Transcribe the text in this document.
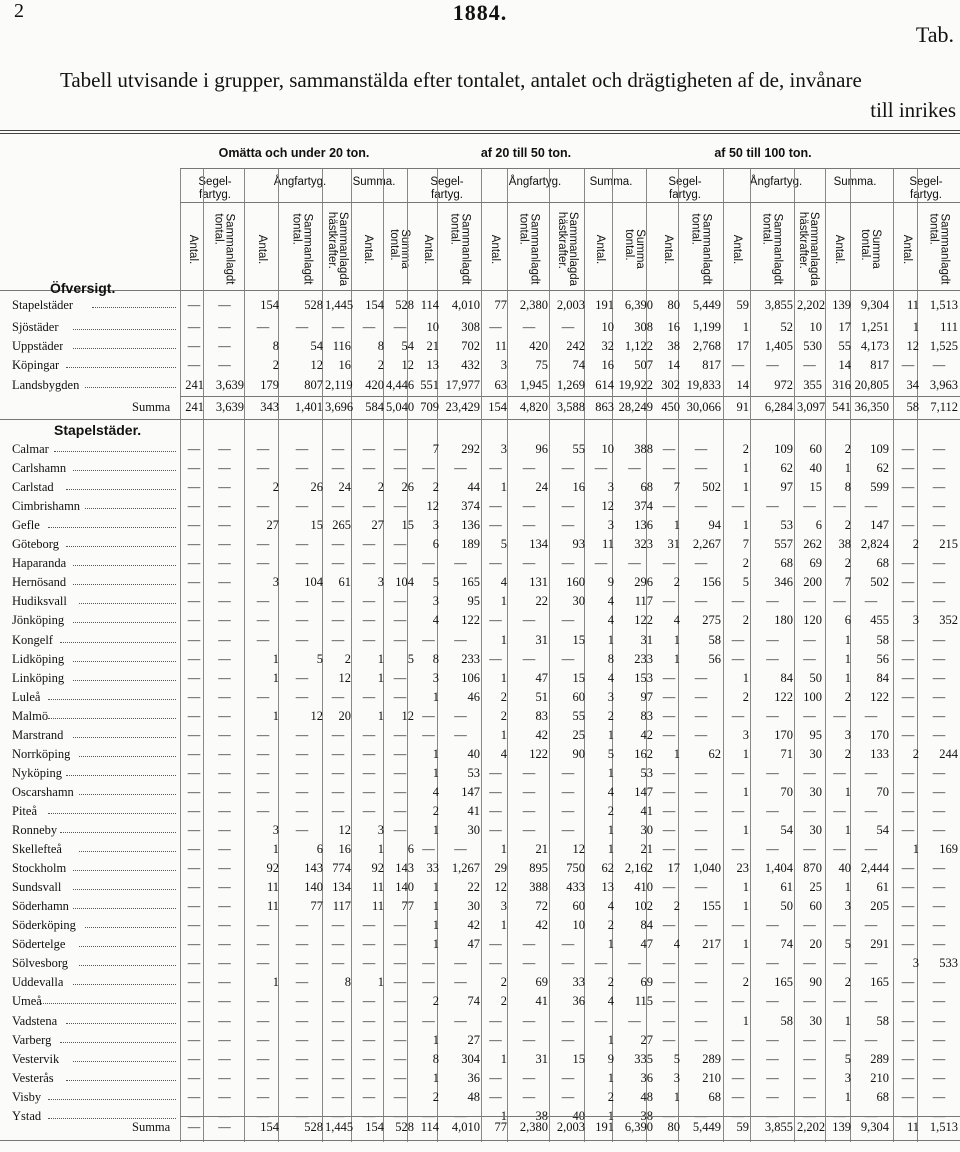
2	1884.
Tab.
Tabell utvisande i grupper, sammanstälda efter tontalet, antalet och drägtigheten af de, invånare
till inrikes
Omätta och under 20 ton.	af 20 till 50 ton.	af 50 till 100 ton.
Segel-
fartyg.
Ångfartyg.	Summa.	Segel-
fartyg.
Ångfartyg.	Summa.	Segel-
fartyg.
Ångfartyg.	Summa.	Segel-
fartyg.
Antal.	Sammanlagdt
tontal.
Antal.	Sammanlagdt
tontal.	Sammanlagda
hästkrafter.	Antal.	Summa
tontal.	Antal.	Sammanlagdt
tontal.
Antal.	Sammanlagdt
tontal.	Sammanlagda
hästkrafter.	Antal.	Summa
tontal.	Antal.	Sammanlagdt
tontal.
Antal.	Sammanlagdt
tontal.	Sammanlagda
hästkrafter.	Antal.	Summa
tontal.	Antal.	Sammanlagdt
tontal.
Stapelstäder	—	—	154	528 1,445 154 528 114	4,010	77	2,380 2,003 191 6,390	80	5,449	59	3,855 2,202 139 9,304	11 1,513
Sjöstäder	—	—	—	—	—	—	—	10	308 —	—	—	10	308	16	1,199	1	52	10	17 1,251	1	111
Uppstäder	—	—	8	54 116	8	54	21	702	11	420	242	32 1,122	38	2,768	17	1,405 530	55 4,173	12 1,525
Köpingar	—	—	2	12	16	2	12	13	432	3	75	74	16	507	14	817 —	—	—	14	817	—	—
Landsbygden	241 3,639	179	807 2,119	420 4,446 551 17,977	63	1,945 1,269 614 19,922 302 19,833	14	972 355 316 20,805	34 3,963
Summa 241 3,639	343	1,401 3,696 584 5,040 709 23,429 154	4,820 3,588 863 28,249 450 30,066	91	6,284 3,097 541 36,350	58 7,112
Calmar	—	—	—	—	—	—	—	7	292	3	96	55	10	388 —	—	2	109	60	2	109	—	—
Carlshamn	—	—	—	—	—	—	—	—	—	—	—	—	—	—	—	—	1	62	40	1	62	—	—
Carlstad	—	—	2	26	24	2	26	2	44	1	24	16	3	68	7	502	1	97	15	8	599	—	—
Cimbrishamn	—	—	—	—	—	—	—	12	374 —	—	—	12	374 —	—	—	—	—	—	—	—	—
Gefle	—	—	27	15 265	27	15	3	136 —	—	—	3	136	1	94	1	53	6	2	147	—	—
Göteborg	—	—	—	—	—	—	—	6	189	5	134	93	11	323	31	2,267	7	557 262	38 2,824	2	215
Haparanda	—	—	—	—	—	—	—	—	—	—	—	—	—	—	—	—	2	68	69	2	68	—	—
Hernösand	—	—	3	104	61	3 104	5	165	4	131	160	9	296	2	156	5	346 200	7	502	—	—
Hudiksvall	—	—	—	—	—	—	—	3	95	1	22	30	4	117 —	—	—	—	—	—	—	—	—
Jönköping	—	—	—	—	—	—	—	4	122 —	—	—	4	122	4	275	2	180 120	6	455	3	352
Kongelf	—	—	—	—	—	—	—	—	—	1	31	15	1	31	1	58 —	—	—	1	58	—	—
Lidköping	—	—	1	5	2	1	5	8	233 —	—	—	8	233	1	56 —	—	—	1	56	—	—
Linköping	—	—	1	—	12	1 —	3	106	1	47	15	4	153 —	—	1	84	50	1	84	—	—
Luleå	—	—	—	—	—	—	—	1	46	2	51	60	3	97 —	—	2	122 100	2	122	—	—
Malmö	—	—	1	12	20	1	12 —	—	2	83	55	2	83 —	—	—	—	—	—	—	—	—
Marstrand	—	—	—	—	—	—	—	—	—	1	42	25	1	42 —	—	3	170	95	3	170	—	—
Norrköping	—	—	—	—	—	—	—	1	40	4	122	90	5	162	1	62	1	71	30	2	133	2	244
Nyköping	—	—	—	—	—	—	—	1	53 —	—	—	1	53 —	—	—	—	—	—	—	—	—
Oscarshamn	—	—	—	—	—	—	—	4	147 —	—	—	4	147 —	—	1	70	30	1	70	—	—
Piteå	—	—	—	—	—	—	—	2	41 —	—	—	2	41 —	—	—	—	—	—	—	—	—
Ronneby	—	—	3	—	12	3 —	1	30 —	—	—	1	30 —	—	1	54	30	1	54	—	—
Skellefteå	—	—	1	6	16	1	6 —	—	1	21	12	1	21 —	—	—	—	—	—	—	1	169
Stockholm	—	—	92	143 774	92 143	33	1,267	29	895	750	62 2,162	17	1,040	23	1,404 870	40 2,444	—	—
Sundsvall	—	—	11	140 134	11 140	1	22	12	388	433	13	410 —	—	1	61	25	1	61	—	—
Söderhamn	—	—	11	77 117	11	77	1	30	3	72	60	4	102	2	155	1	50	60	3	205	—	—
Söderköping	—	—	—	—	—	—	—	1	42	1	42	10	2	84 —	—	—	—	—	—	—	—	—
Södertelge	—	—	—	—	—	—	—	1	47 —	—	—	1	47	4	217	1	74	20	5	291	—	—
Sölvesborg	—	—	—	—	—	—	—	—	—	—	—	—	—	—	—	—	—	—	—	—	—	3	533
Uddevalla	—	—	1	—	8	1 —	—	—	2	69	33	2	69 —	—	2	165	90	2	165	—	—
Umeå	—	—	—	—	—	—	—	2	74	2	41	36	4	115 —	—	—	—	—	—	—	—	—
Vadstena	—	—	—	—	—	—	—	—	—	—	—	—	—	—	—	—	1	58	30	1	58	—	—
Varberg	—	—	—	—	—	—	—	1	27 —	—	—	1	27 —	—	—	—	—	—	—	—	—
Vestervik	—	—	—	—	—	—	—	8	304	1	31	15	9	335	5	289 —	—	—	5	289	—	—
Vesterås	—	—	—	—	—	—	—	1	36 —	—	—	1	36	3	210 —	—	—	3	210	—	—
Visby	—	—	—	—	—	—	—	2	48 —	—	—	2	48	1	68 —	—	—	1	68	—	—
Ystad	—	—	—	—	—	—	—	—	—	1	38	40	1	38 —	—	—	—	—	—	—	—	—
Summa	—	—	154	528 1,445 154 528 114	4,010	77	2,380 2,003 191 6,390	80	5,449	59	3,855 2,202 139 9,304	11 1,513
Öfversigt.
Stapelstäder.
